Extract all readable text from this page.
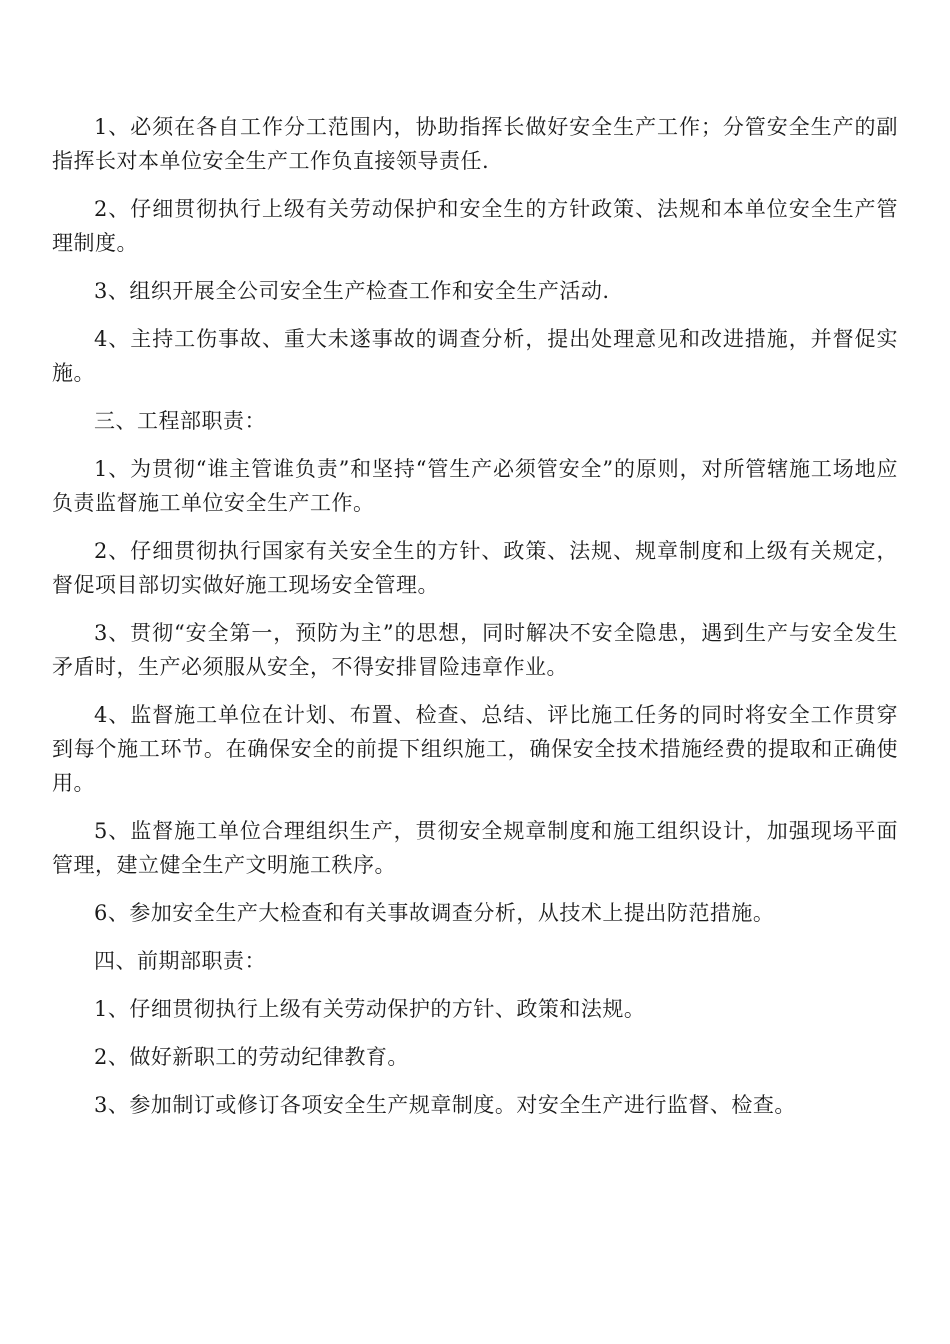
1、必须在各自工作分工范围内，协助指挥长做好安全生产工作；分管安全生产的副指挥长对本单位安全生产工作负直接领导责任.

2、仔细贯彻执行上级有关劳动保护和安全生的方针政策、法规和本单位安全生产管理制度。

3、组织开展全公司安全生产检查工作和安全生产活动.

4、主持工伤事故、重大未遂事故的调查分析，提出处理意见和改进措施，并督促实施。

三、工程部职责：

1、为贯彻“谁主管谁负责”和坚持“管生产必须管安全”的原则，对所管辖施工场地应负责监督施工单位安全生产工作。

2、仔细贯彻执行国家有关安全生的方针、政策、法规、规章制度和上级有关规定，督促项目部切实做好施工现场安全管理。

3、贯彻“安全第一，预防为主”的思想，同时解决不安全隐患，遇到生产与安全发生矛盾时，生产必须服从安全，不得安排冒险违章作业。

4、监督施工单位在计划、布置、检查、总结、评比施工任务的同时将安全工作贯穿到每个施工环节。在确保安全的前提下组织施工，确保安全技术措施经费的提取和正确使用。

5、监督施工单位合理组织生产，贯彻安全规章制度和施工组织设计，加强现场平面管理，建立健全生产文明施工秩序。

6、参加安全生产大检查和有关事故调查分析，从技术上提出防范措施。

四、前期部职责：

1、仔细贯彻执行上级有关劳动保护的方针、政策和法规。

2、做好新职工的劳动纪律教育。

3、参加制订或修订各项安全生产规章制度。对安全生产进行监督、检查。
